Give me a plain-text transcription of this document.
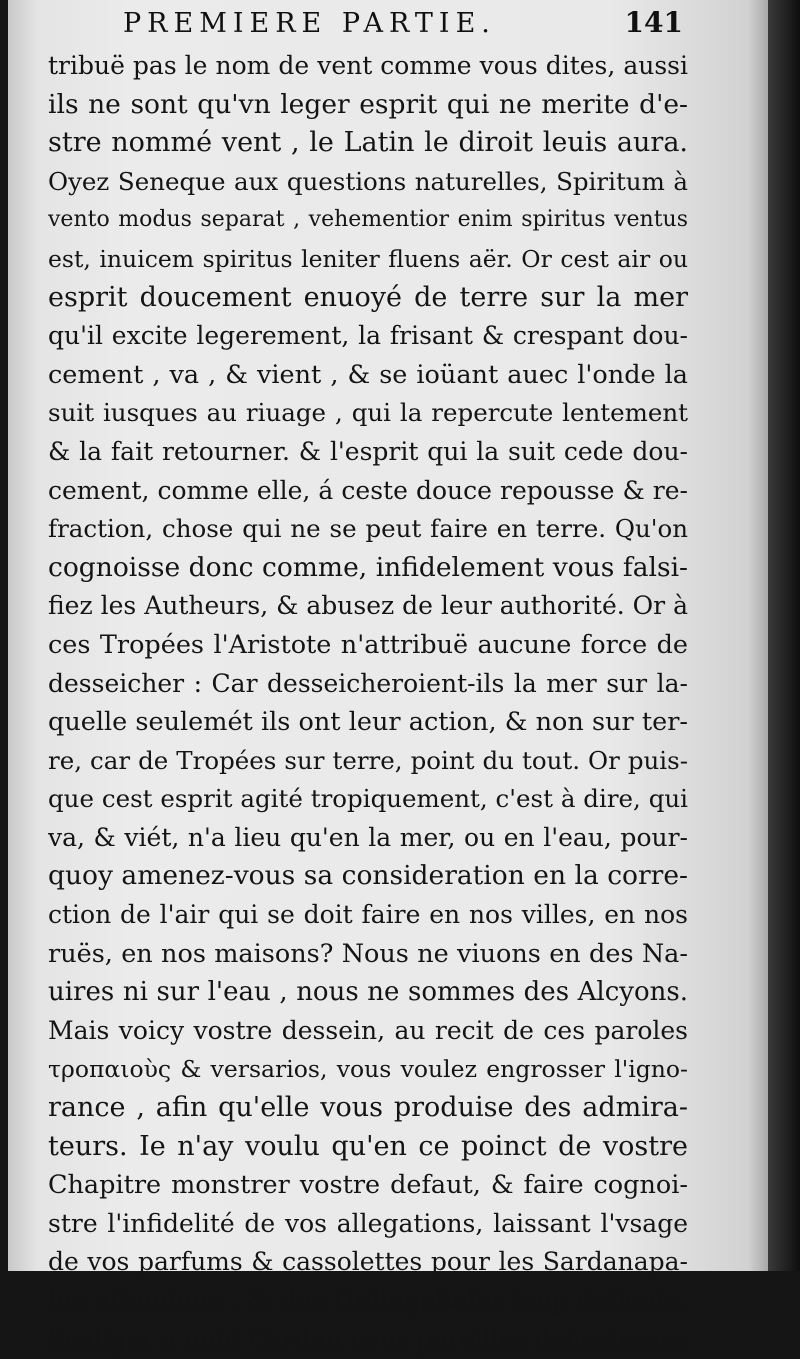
PREMIERE PARTIE.	141
tribuë pas le nom de vent comme vous dites, aussi
ils ne sont qu'vn leger esprit qui ne merite d'e-
stre nommé vent , le Latin le diroit leuis aura.
Oyez Seneque aux questions naturelles, Spiritum à
vento modus separat , vehementior enim spiritus ventus
est, inuicem spiritus leniter fluens aër. Or cest air ou
esprit doucement enuoyé de terre sur la mer
qu'il excite legerement, la frisant & crespant dou-
cement , va , & vient , & se ioüant auec l'onde la
suit iusques au riuage , qui la repercute lentement
& la fait retourner. & l'esprit qui la suit cede dou-
cement, comme elle, á ceste douce repousse & re-
fraction, chose qui ne se peut faire en terre. Qu'on
cognoisse donc comme, infidelement vous falsi-
fiez les Autheurs, & abusez de leur authorité. Or à
ces Tropées l'Aristote n'attribuë aucune force de
desseicher : Car desseicheroient-ils la mer sur la-
quelle seulemét ils ont leur action, & non sur ter-
re, car de Tropées sur terre, point du tout. Or puis-
que cest esprit agité tropiquement, c'est à dire, qui
va, & viét, n'a lieu qu'en la mer, ou en l'eau, pour-
quoy amenez-vous sa consideration en la corre-
ction de l'air qui se doit faire en nos villes, en nos
ruës, en nos maisons? Nous ne viuons en des Na-
uires ni sur l'eau , nous ne sommes des Alcyons.
Mais voicy vostre dessein, au recit de ces paroles
τροπαιοὺς & versarios, vous voulez engrosser l'igno-
rance , afin qu'elle vous produise des admira-
teurs. Ie n'ay voulu qu'en ce poinct de vostre
Chapitre monstrer vostre defaut, & faire cognoi-
stre l'infidelité de vos allegations, laissant l'vsage
de vos parfums & cassolettes pour les Sardanapa-
les effeminez , & des Heliogabales trop delicats.
Scaliger a noté Cardan pour pareilles delicatesses
